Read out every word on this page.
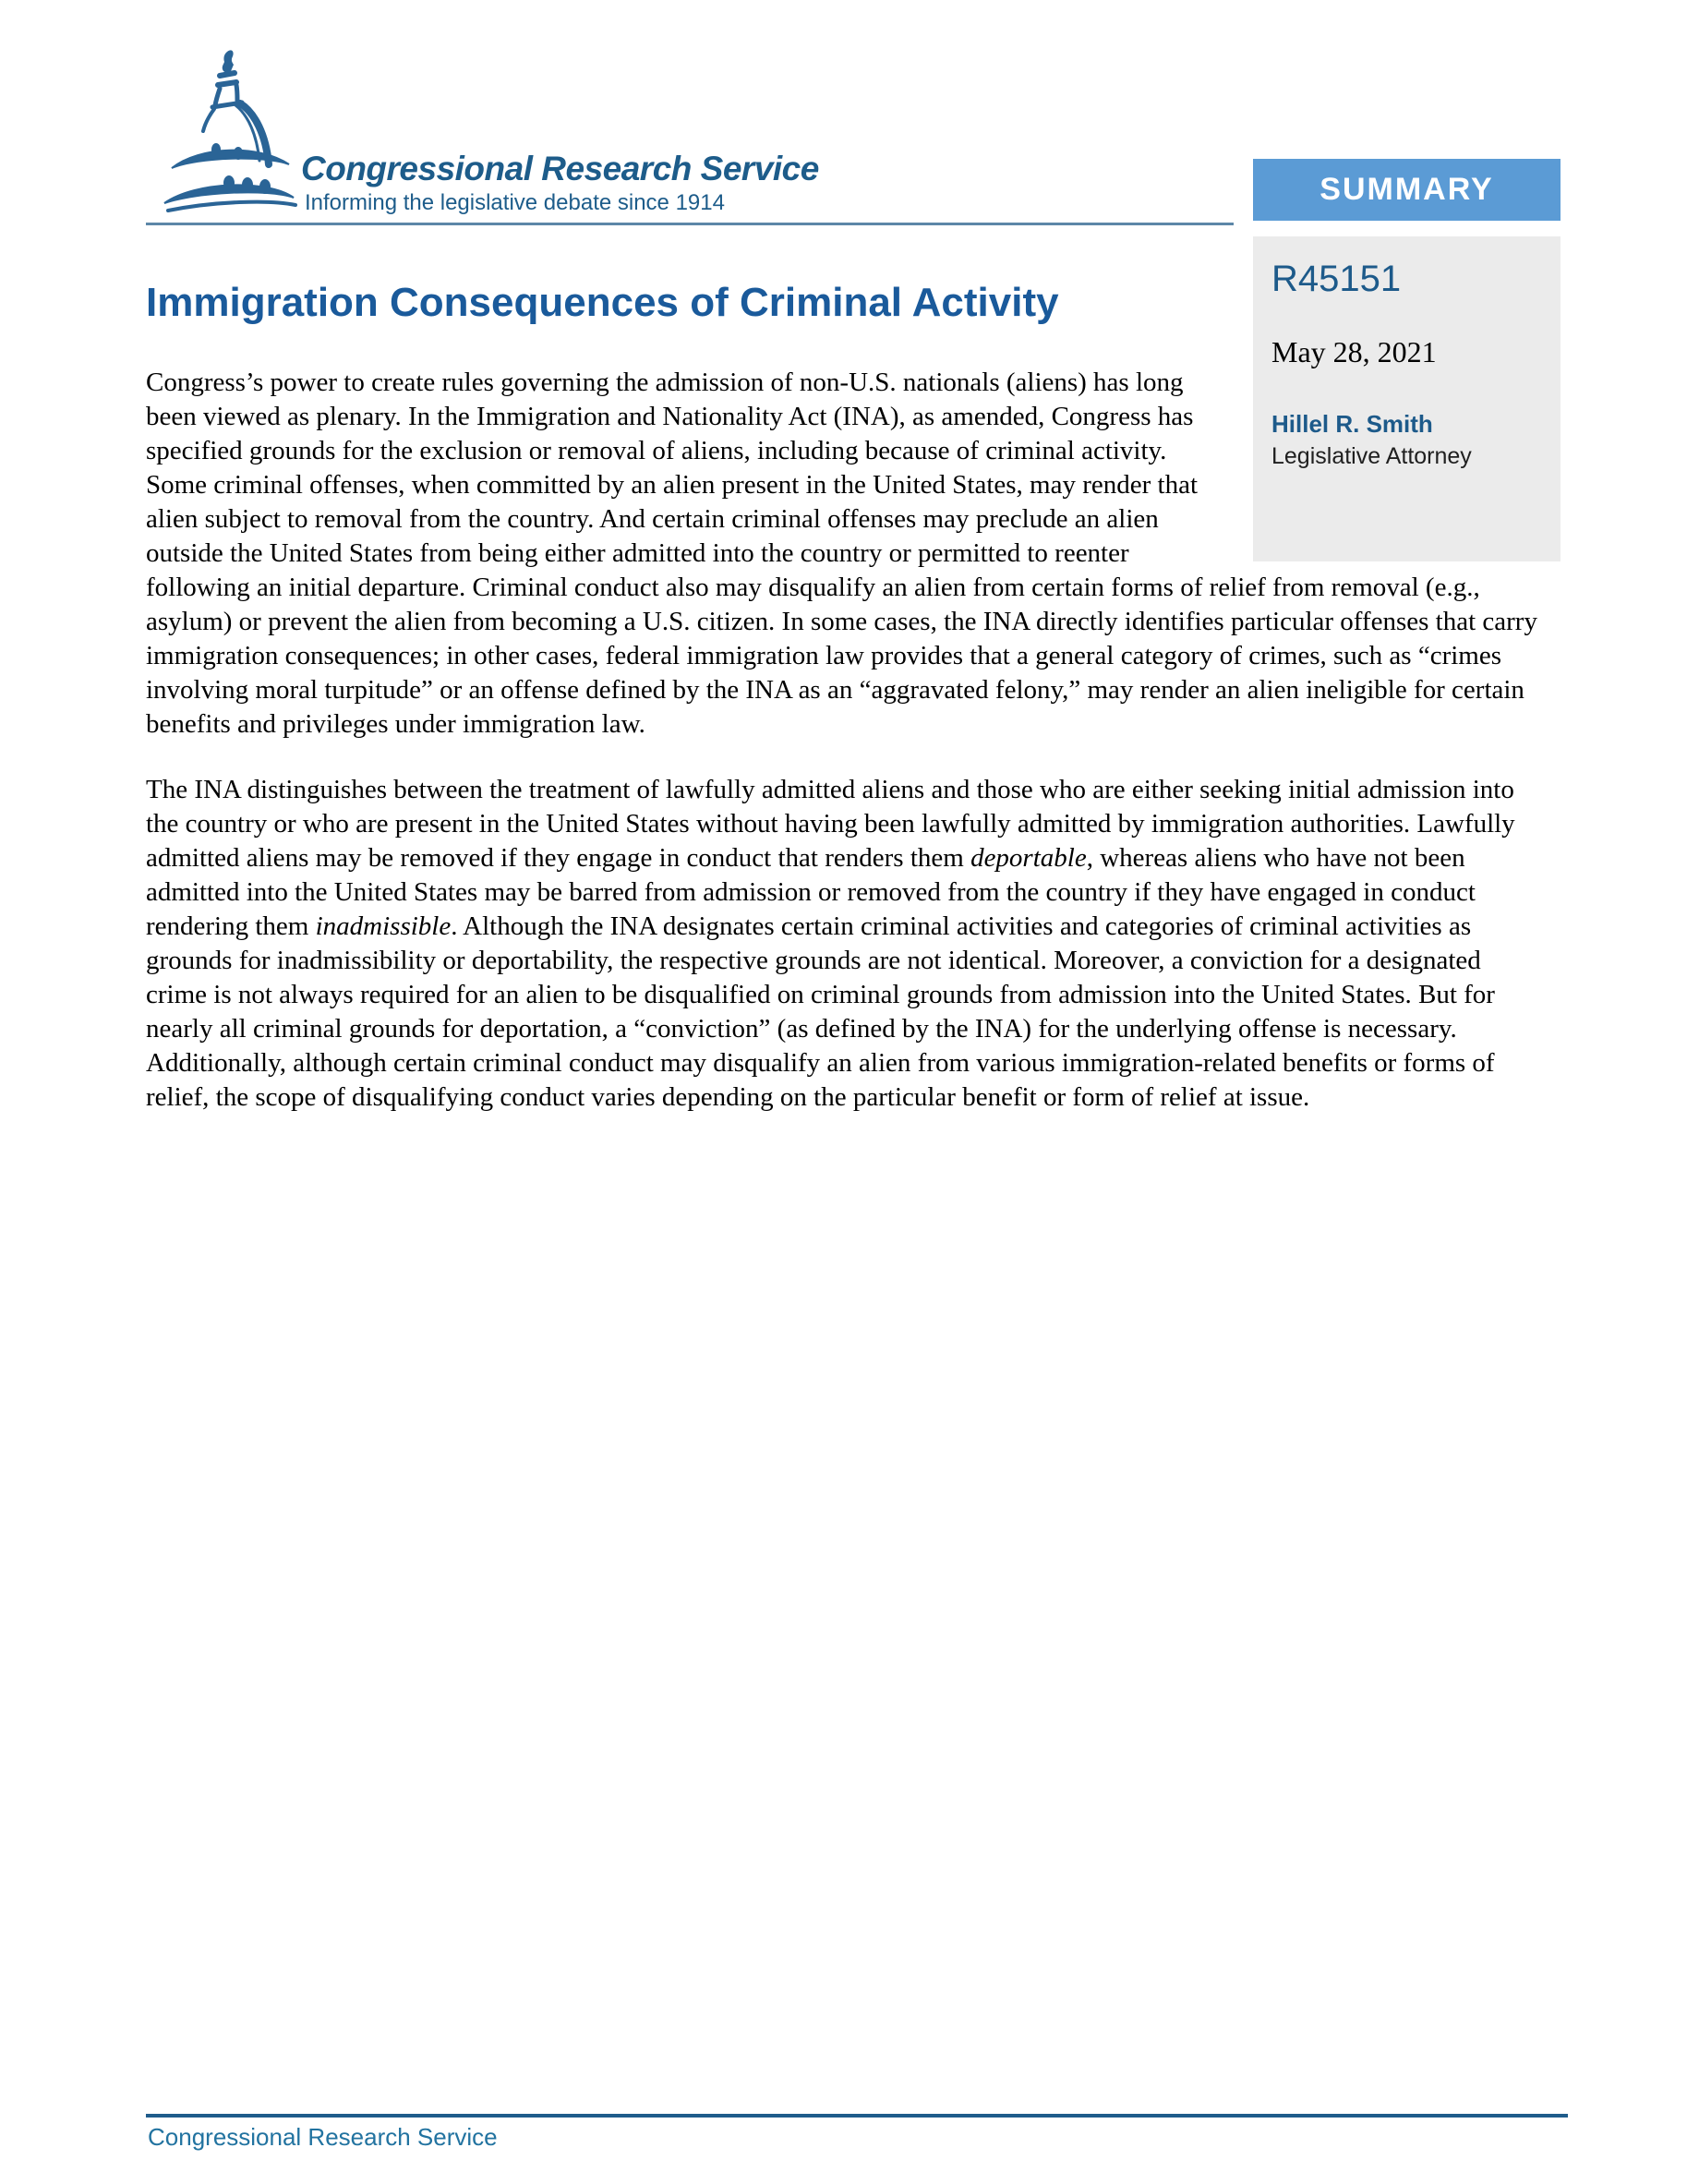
Congressional Research Service
Informing the legislative debate since 1914	SUMMARY
R45151
May 28, 2021
Hillel R. Smith
Legislative Attorney
Immigration Consequences of Criminal Activity

Congress’s power to create rules governing the admission of non-U.S. nationals (aliens) has long been viewed as plenary. In the Immigration and Nationality Act (INA), as amended, Congress has specified grounds for the exclusion or removal of aliens, including because of criminal activity. Some criminal offenses, when committed by an alien present in the United States, may render that alien subject to removal from the country. And certain criminal offenses may preclude an alien outside the United States from being either admitted into the country or permitted to reenter following an initial departure. Criminal conduct also may disqualify an alien from certain forms of relief from removal (e.g., asylum) or prevent the alien from becoming a U.S. citizen. In some cases, the INA directly identifies particular offenses that carry immigration consequences; in other cases, federal immigration law provides that a general category of crimes, such as “crimes involving moral turpitude” or an offense defined by the INA as an “aggravated felony,” may render an alien ineligible for certain benefits and privileges under immigration law.

The INA distinguishes between the treatment of lawfully admitted aliens and those who are either seeking initial admission into the country or who are present in the United States without having been lawfully admitted by immigration authorities. Lawfully admitted aliens may be removed if they engage in conduct that renders them deportable, whereas aliens who have not been admitted into the United States may be barred from admission or removed from the country if they have engaged in conduct rendering them inadmissible. Although the INA designates certain criminal activities and categories of criminal activities as grounds for inadmissibility or deportability, the respective grounds are not identical. Moreover, a conviction for a designated crime is not always required for an alien to be disqualified on criminal grounds from admission into the United States. But for nearly all criminal grounds for deportation, a “conviction” (as defined by the INA) for the underlying offense is necessary. Additionally, although certain criminal conduct may disqualify an alien from various immigration-related benefits or forms of relief, the scope of disqualifying conduct varies depending on the particular benefit or form of relief at issue.

Congressional Research Service
